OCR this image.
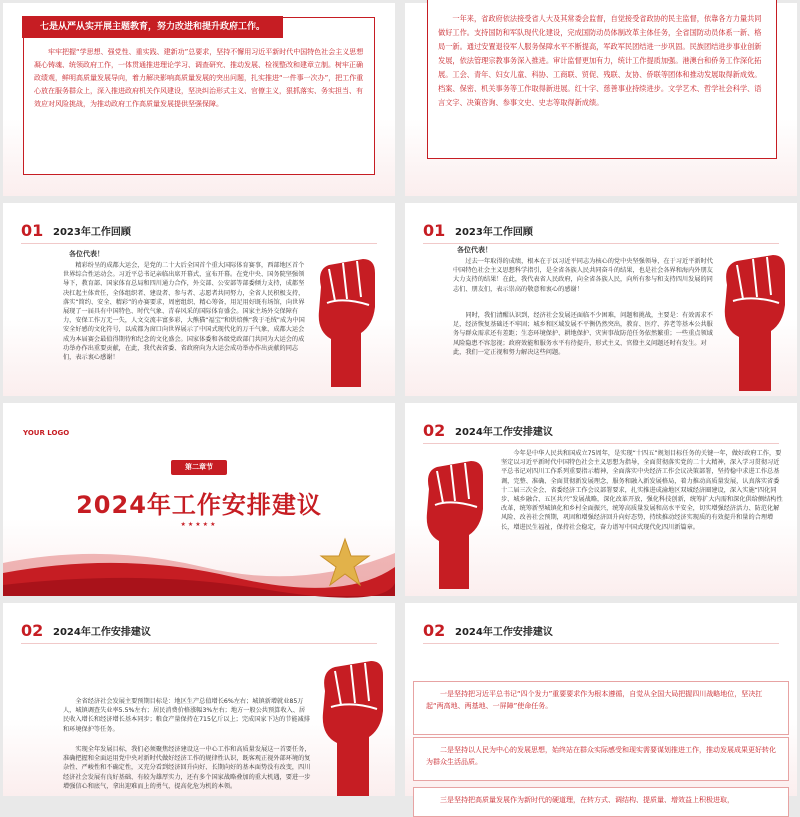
七是从严从实开展主题教育，努力改进和提升政府工作。

牢牢把握“学思想、强党性、重实践、建新功”总要求，坚持不懈用习近平新时代中国特色社会主义思想凝心铸魂、统领政府工作，一体贯通推进理论学习、调查研究、推动发展、检视整改和建章立制。树牢正确政绩观，鲜明高质量发展导向，着力解决影响高质量发展的突出问题，扎实推进“一件事一次办”，把工作重心放在服务群众上，深入推进政府机关作风建设，坚决纠治形式主义、官僚主义，狠抓落实、务实担当、有效应对风险挑战，为推动政府工作高质量发展提供坚强保障。

一年来，省政府依法接受省人大及其常委会监督，自觉接受省政协的民主监督，依靠各方力量共同做好工作。支持国防和军队现代化建设，完成国防动员体制改革主体任务，全省国防动员体系一新、格局一新。通过安置退役军人服务保障水平不断提高，军政军民团结进一步巩固。民族团结进步事业创新发展，依法管理宗教事务深入推进。审计监督更加有力，统计工作提质加强。港澳台和侨务工作深化拓展。工会、青年、妇女儿童、科协、工商联、贸促、残联、友协、侨联等团体和推动发展取得新成效。档案、保密、机关事务等工作取得新进展。红十字、慈善事业持续进步。文学艺术、哲学社会科学、语言文字、决策咨询、参事文史、史志等取得新成绩。

01 2023年工作回顾
各位代表！

精彩纷呈的成都大运会，是党的二十大后全国首个重大国际体育赛事，西部地区首个世界综合性运动会。习近平总书记亲临出席开幕式，宣布开幕。在党中央、国务院坚强领导下，教育部、国家体育总局和四川通力合作，外交部、公安部等部委倾力支持，成都坚决扛起主体责任，全体组织者、建设者、参与者、志愿者共同努力，全省人民积极支持，落实“简约、安全、精彩”的办赛要求，周密组织、精心筹备，用足用好既有场馆，向世界展现了一届具有中国特色、时代气象、青春风采的国际体育盛会。国家主场外交保障有力，安保工作万无一失，人文交流丰富多彩，大熊猫“福宝”和烘焙熊“我于毛绒”成为中国安全好感的文化符号，以成都为窗口向世界展示了中国式现代化的万千气象，成都大运会成为本届赛会最值得期待和纪念的文化盛会。国家体委和各级党政部门共同为大运会的成功举办作出重要贡献，在此，我代表省委、省政府向为大运会成功举办作出贡献的同志们，表示衷心感谢！

01 2023年工作回顾
各位代表！

过去一年取得的成绩，根本在于以习近平同志为核心的党中央坚强领导，在于习近平新时代中国特色社会主义思想科学指引，是全省各族人民共同奋斗的结果，也是社会各界和海内外朋友大力支持的结果！在此，我代表省人民政府，向全省各族人民，向所有参与和支持四川发展的同志们、朋友们，表示崇高的敬意和衷心的感谢！

同时，我们清醒认识到，经济社会发展还面临不少困难，问题和挑战，主要是：有效需求不足，经济恢复基础还不牢固；城乡和区域发展不平衡仍然突出，教育、医疗、养老等基本公共服务与群众需求还有差距；生态环境保护、耕地保护、灾害事故防范任务依然繁重；一些重点领域风险隐患不容忽视；政府效能和服务水平有待提升，形式主义、官僚主义问题还时有发生。对此，我们一定正视和努力解决这些问题。

YOUR LOGO
第二章节
2024年工作安排建议
★★★★★
02 2024年工作安排建议

今年是中华人民共和国成立75周年，是实现“十四五”规划目标任务的关键一年，做好政府工作，要坚定以习近平新时代中国特色社会主义思想为指导，全面贯彻落实党的二十大精神，深入学习贯彻习近平总书记对四川工作系列重要指示精神，全面落实中央经济工作会议决策部署，坚持稳中求进工作总基调，完整、准确、全面贯彻新发展理念，服务和融入新发展格局，着力推动高质量发展，认真落实省委十二届三次全会、省委经济工作会议部署要求，扎实推进成渝地区双城经济圈建设，深入实施“四化同步、城乡融合、五区共兴”发展战略，深化改革开放，强化科技创新，统筹扩大内需和深化供给侧结构性改革，统筹新型城镇化和乡村全面振兴，统筹高质量发展和高水平安全，切实增强经济活力、防范化解风险、改善社会预期，巩固和增强经济回升向好态势，持续推动经济实现质的有效提升和量的合理增长，增进民生福祉，保持社会稳定，奋力谱写中国式现代化四川新篇章。

02 2024年工作安排建议

全省经济社会发展主要预期目标是：地区生产总值增长6%左右；城镇新增就业85万人，城镇调查失业率5.5%左右；居民消费价格涨幅3%左右；地方一般公共预算收入、居民收入增长和经济增长基本同步；粮食产量保持在715亿斤以上；完成国家下达的节能减排和环境保护等任务。

实现全年发展目标，我们必须聚焦经济建设这一中心工作和高质量发展这一首要任务，准确把握和全面运用党中央对新时代做好经济工作的规律性认识，既客观正视外部环境的复杂性、严峻性和不确定性，又充分看到经济回升向好、长期向好的基本面势没有改变，四川经济社会发展有良好基础、有较为雄厚实力，还有多个国家战略叠加的重大机遇，要进一步增强信心和底气，拿出迎难而上的勇气，提高化危为机的本领。

02 2024年工作安排建议

一是坚持把习近平总书记“四个发力”重要要求作为根本遵循，自觉从全国大局把握四川战略地位，坚决扛起“两高地、两基地、一屏障”使命任务。

二是坚持以人民为中心的发展思想，始终站在群众实际感受和现实需要谋划推进工作，推动发展成果更好转化为群众生活品质。

三是坚持把高质量发展作为新时代的硬道理，在转方式、调结构、提质量、增效益上积极进取，
